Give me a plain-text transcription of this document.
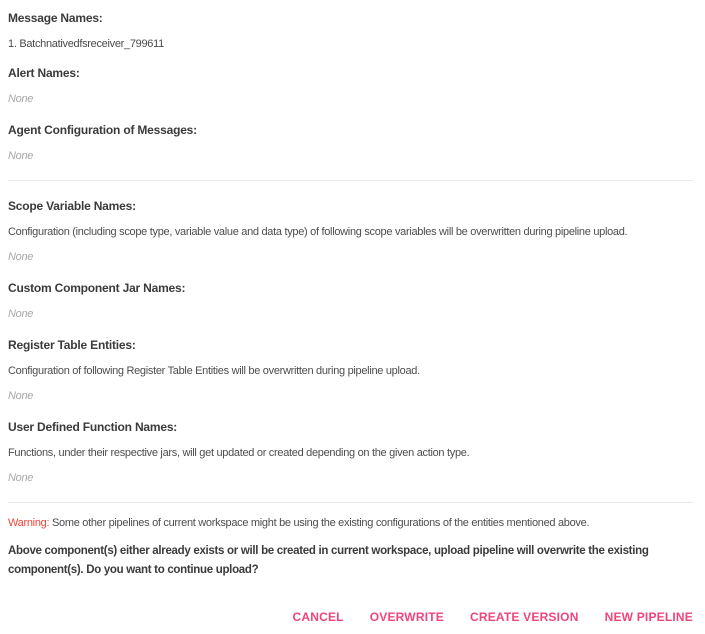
Message Names:
1. Batchnativedfsreceiver_799611
Alert Names:
None
Agent Configuration of Messages:
None
Scope Variable Names:
Configuration (including scope type, variable value and data type) of following scope variables will be overwritten during pipeline upload.
None
Custom Component Jar Names:
None
Register Table Entities:
Configuration of following Register Table Entities will be overwritten during pipeline upload.
None
User Defined Function Names:
Functions, under their respective jars, will get updated or created depending on the given action type.
None
Warning: Some other pipelines of current workspace might be using the existing configurations of the entities mentioned above.

Above component(s) either already exists or will be created in current workspace, upload pipeline will overwrite the existing component(s). Do you want to continue upload?

CANCEL OVERWRITE CREATE VERSION NEW PIPELINE
